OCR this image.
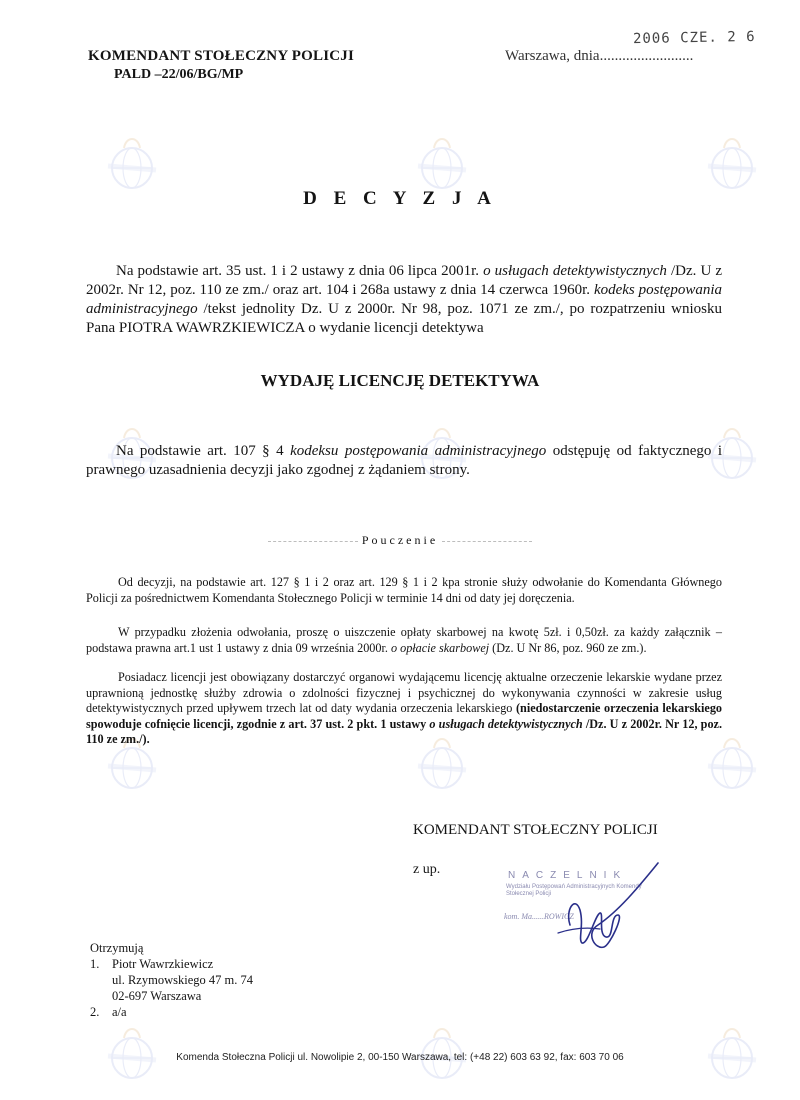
KOMENDANT STOŁECZNY POLICJI
PALD –22/06/BG/MP
Warszawa, dnia.........................
2006 CZE. 2 6
D E C Y Z J A
Na podstawie art. 35 ust. 1 i 2 ustawy z dnia 06 lipca 2001r. o usługach detektywistycznych /Dz. U z 2002r. Nr 12, poz. 110 ze zm./ oraz art. 104 i 268a ustawy z dnia 14 czerwca 1960r. kodeks postępowania administracyjnego /tekst jednolity Dz. U z 2000r. Nr 98, poz. 1071 ze zm./, po rozpatrzeniu wniosku Pana PIOTRA WAWRZKIEWICZA o wydanie licencji detektywa
WYDAJĘ LICENCJĘ DETEKTYWA
Na podstawie art. 107 § 4 kodeksu postępowania administracyjnego odstępuję od faktycznego i prawnego uzasadnienia decyzji jako zgodnej z żądaniem strony.
Pouczenie
Od decyzji, na podstawie art. 127 § 1 i 2 oraz art. 129 § 1 i 2 kpa stronie służy odwołanie do Komendanta Głównego Policji za pośrednictwem Komendanta Stołecznego Policji w terminie 14 dni od daty jej doręczenia.
W przypadku złożenia odwołania, proszę o uiszczenie opłaty skarbowej na kwotę 5zł. i 0,50zł. za każdy załącznik – podstawa prawna art.1 ust 1 ustawy z dnia 09 września 2000r. o opłacie skarbowej (Dz. U Nr 86, poz. 960 ze zm.).
Posiadacz licencji jest obowiązany dostarczyć organowi wydającemu licencję aktualne orzeczenie lekarskie wydane przez uprawnioną jednostkę służby zdrowia o zdolności fizycznej i psychicznej do wykonywania czynności w zakresie usług detektywistycznych przed upływem trzech lat od daty wydania orzeczenia lekarskiego (niedostarczenie orzeczenia lekarskiego spowoduje cofnięcie licencji, zgodnie z art. 37 ust. 2 pkt. 1 ustawy o usługach detektywistycznych /Dz. U z 2002r. Nr 12, poz. 110 ze zm./).
KOMENDANT STOŁECZNY POLICJI
z up.	NACZELNIK
Wydziału Postępowań Administracyjnych Komendy Stołecznej Policji
kom. Ma......ROWICZ
Otrzymują
1.	Piotr Wawrzkiewicz
ul. Rzymowskiego 47 m. 74
02-697 Warszawa
2.	a/a
Komenda Stołeczna Policji ul. Nowolipie 2, 00-150 Warszawa, tel: (+48 22) 603 63 92, fax: 603 70 06
